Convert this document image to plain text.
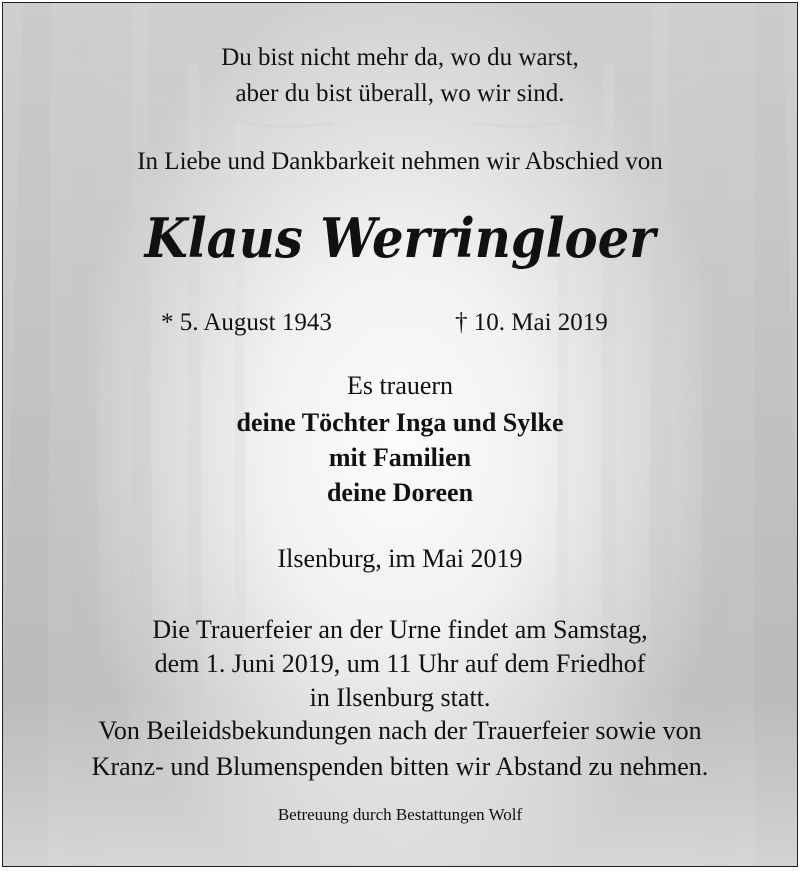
Du bist nicht mehr da, wo du warst,

aber du bist überall, wo wir sind.

In Liebe und Dankbarkeit nehmen wir Abschied von

Klaus Werringloer

* 5. August 1943	† 10. Mai 2019

Es trauern

deine Töchter Inga und Sylke

mit Familien

deine Doreen

Ilsenburg, im Mai 2019

Die Trauerfeier an der Urne findet am Samstag,

dem 1. Juni 2019, um 11 Uhr auf dem Friedhof

in Ilsenburg statt.

Von Beileidsbekundungen nach der Trauerfeier sowie von

Kranz- und Blumenspenden bitten wir Abstand zu nehmen.

Betreuung durch Bestattungen Wolf
